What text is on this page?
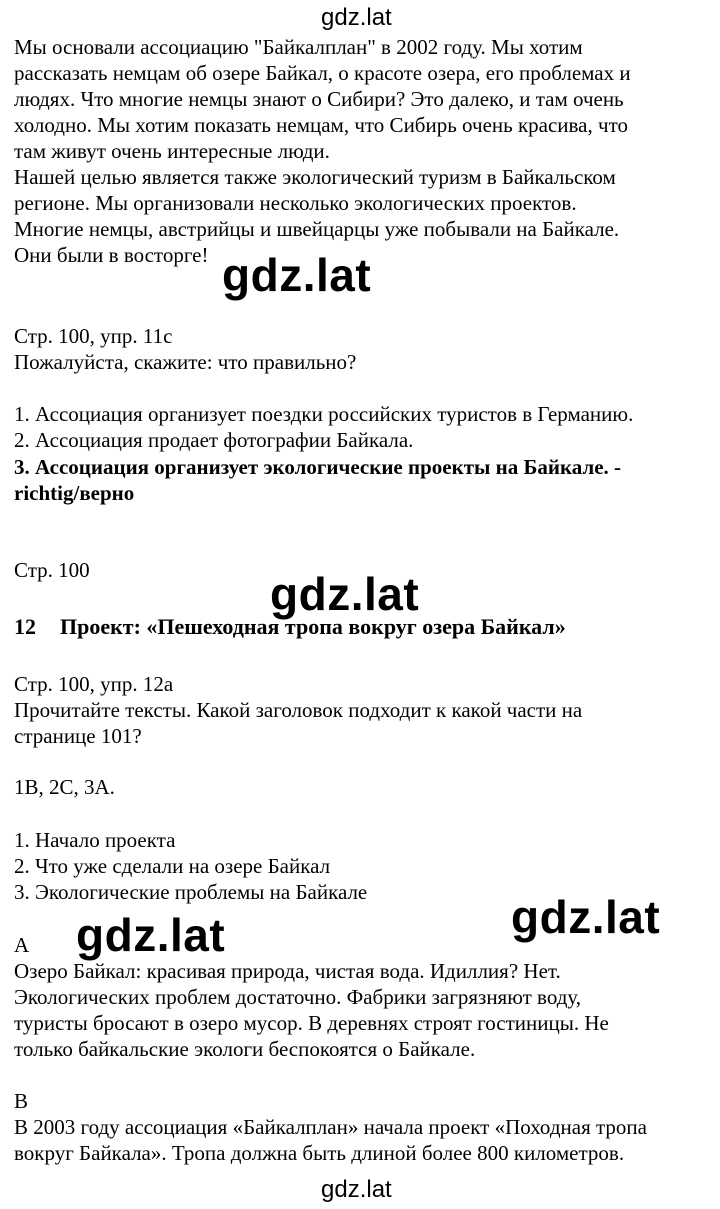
gdz.lat
Мы основали ассоциацию "Байкалплан" в 2002 году. Мы хотим
рассказать немцам об озере Байкал, о красоте озера, его проблемах и
людях. Что многие немцы знают о Сибири? Это далеко, и там очень
холодно. Мы хотим показать немцам, что Сибирь очень красива, что
там живут очень интересные люди.
Нашей целью является также экологический туризм в Байкальском
регионе. Мы организовали несколько экологических проектов.
Многие немцы, австрийцы и швейцарцы уже побывали на Байкале.
Они были в восторге! gdz.lat
Стр. 100, упр. 11c
Пожалуйста, скажите: что правильно?
1. Ассоциация организует поездки российских туристов в Германию.
2. Ассоциация продает фотографии Байкала.
3. Ассоциация организует экологические проекты на Байкале. -
richtig/верно
Стр. 100	gdz.lat
12 Проект: «Пешеходная тропа вокруг озера Байкал»
Стр. 100, упр. 12a
Прочитайте тексты. Какой заголовок подходит к какой части на
странице 101?
1B, 2C, 3A.
1. Начало проекта
2. Что уже сделали на озере Байкал
3. Экологические проблемы на Байкале	gdz.lat
A gdz.lat
Озеро Байкал: красивая природа, чистая вода. Идиллия? Нет.
Экологических проблем достаточно. Фабрики загрязняют воду,
туристы бросают в озеро мусор. В деревнях строят гостиницы. Не
только байкальские экологи беспокоятся о Байкале.
B
В 2003 году ассоциация «Байкалплан» начала проект «Походная тропа
вокруг Байкала». Тропа должна быть длиной более 800 километров.
gdz.lat
